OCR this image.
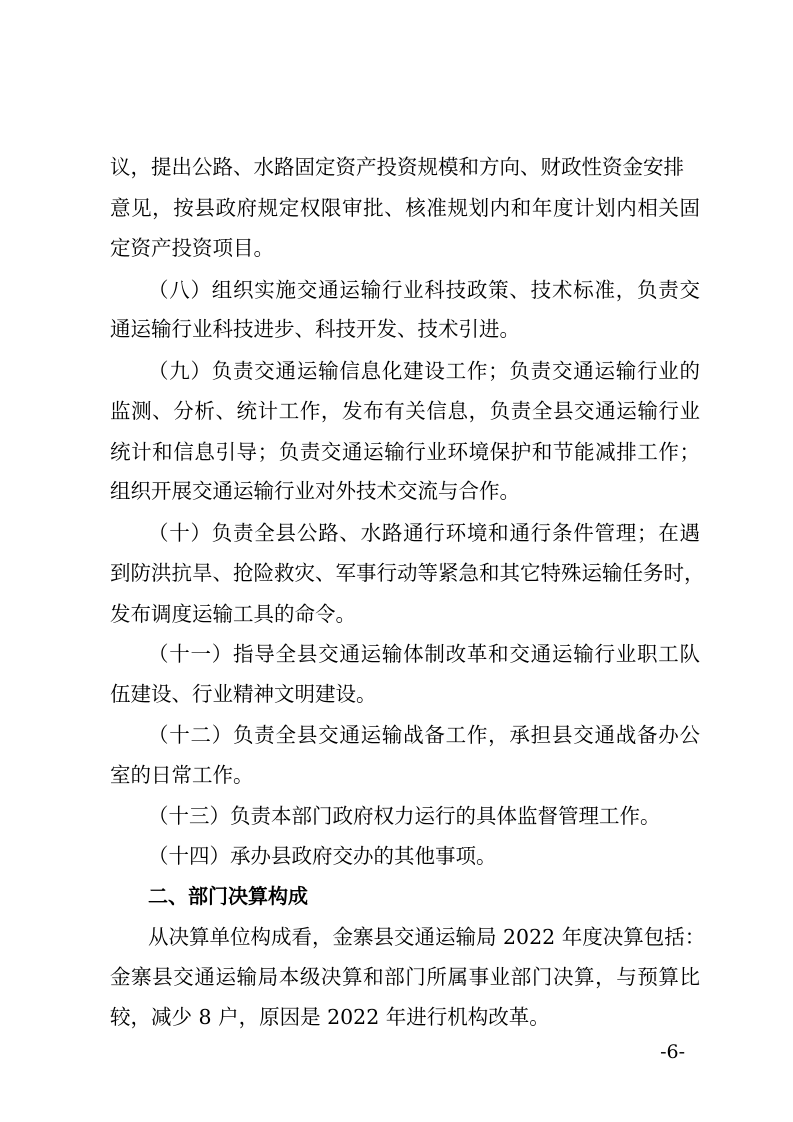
议，提出公路、水路固定资产投资规模和方向、财政性资金安排
意见，按县政府规定权限审批、核准规划内和年度计划内相关固
定资产投资项目。
（八）组织实施交通运输行业科技政策、技术标准，负责交
通运输行业科技进步、科技开发、技术引进。
（九）负责交通运输信息化建设工作；负责交通运输行业的
监测、分析、统计工作，发布有关信息，负责全县交通运输行业
统计和信息引导；负责交通运输行业环境保护和节能减排工作；
组织开展交通运输行业对外技术交流与合作。
（十）负责全县公路、水路通行环境和通行条件管理；在遇
到防洪抗旱、抢险救灾、军事行动等紧急和其它特殊运输任务时，
发布调度运输工具的命令。
（十一）指导全县交通运输体制改革和交通运输行业职工队
伍建设、行业精神文明建设。
（十二）负责全县交通运输战备工作，承担县交通战备办公
室的日常工作。
（十三）负责本部门政府权力运行的具体监督管理工作。
（十四）承办县政府交办的其他事项。
二、部门决算构成
从决算单位构成看，金寨县交通运输局 2022 年度决算包括：
金寨县交通运输局本级决算和部门所属事业部门决算，与预算比
较，减少 8 户，原因是 2022 年进行机构改革。
-6-
